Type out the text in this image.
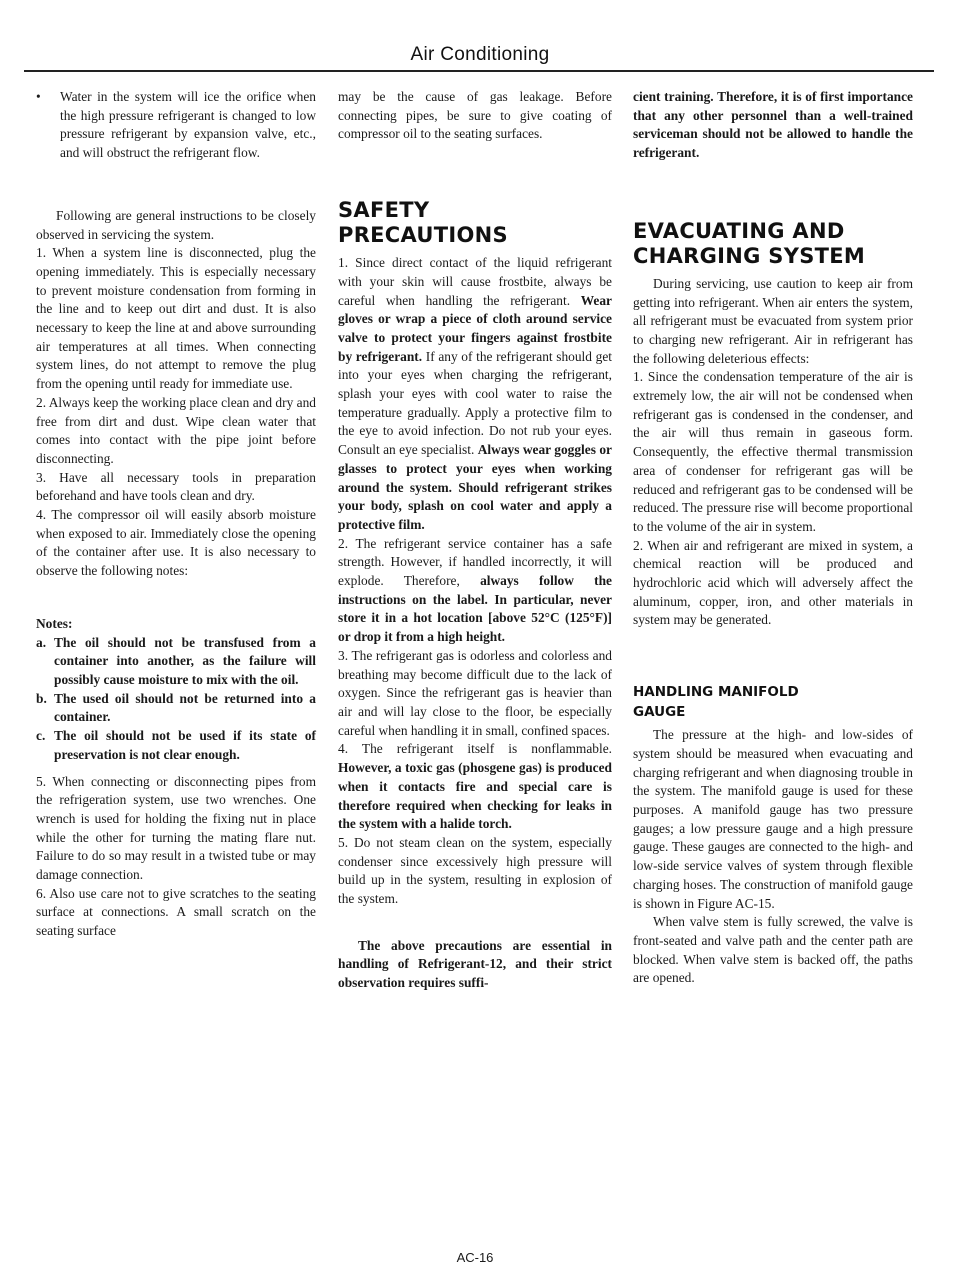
Air Conditioning
•	Water in the system will ice the orifice when the high pressure refrigerant is changed to low pressure refrigerant by expansion valve, etc., and will obstruct the refrigerant flow.

Following are general instructions to be closely observed in servicing the system.

1. When a system line is disconnected, plug the opening immediately. This is especially necessary to prevent moisture condensation from forming in the line and to keep out dirt and dust. It is also necessary to keep the line at and above surrounding air temperatures at all times. When connecting system lines, do not attempt to remove the plug from the opening until ready for immediate use.

2. Always keep the working place clean and dry and free from dirt and dust. Wipe clean water that comes into contact with the pipe joint before disconnecting.

3. Have all necessary tools in preparation beforehand and have tools clean and dry.

4. The compressor oil will easily absorb moisture when exposed to air. Immediately close the opening of the container after use. It is also necessary to observe the following notes:

Notes:

a. The oil should not be transfused from a container into another, as the failure will possibly cause moisture to mix with the oil.
b. The used oil should not be returned into a container.
c. The oil should not be used if its state of preservation is not clear enough.

5. When connecting or disconnecting pipes from the refrigeration system, use two wrenches. One wrench is used for holding the fixing nut in place while the other for turning the mating flare nut. Failure to do so may result in a twisted tube or may damage connection.

6. Also use care not to give scratches to the seating surface at connections. A small scratch on the seating surface

may be the cause of gas leakage. Before connecting pipes, be sure to give coating of compressor oil to the seating surfaces.

SAFETY

PRECAUTIONS

1. Since direct contact of the liquid refrigerant with your skin will cause frostbite, always be careful when handling the refrigerant. Wear gloves or wrap a piece of cloth around service valve to protect your fingers against frostbite by refrigerant. If any of the refrigerant should get into your eyes when charging the refrigerant, splash your eyes with cool water to raise the temperature gradually. Apply a protective film to the eye to avoid infection. Do not rub your eyes. Consult an eye specialist. Always wear goggles or glasses to protect your eyes when working around the system. Should refrigerant strikes your body, splash on cool water and apply a protective film.

2. The refrigerant service container has a safe strength. However, if handled incorrectly, it will explode. Therefore, always follow the instructions on the label. In particular, never store it in a hot location [above 52°C (125°F)] or drop it from a high height.

3. The refrigerant gas is odorless and colorless and breathing may become difficult due to the lack of oxygen. Since the refrigerant gas is heavier than air and will lay close to the floor, be especially careful when handling it in small, confined spaces.

4. The refrigerant itself is nonflammable. However, a toxic gas (phosgene gas) is produced when it contacts fire and special care is therefore required when checking for leaks in the system with a halide torch.

5. Do not steam clean on the system, especially condenser since excessively high pressure will build up in the system, resulting in explosion of the system.

The above precautions are essential in handling of Refrigerant-12, and their strict observation requires suffi-

cient training. Therefore, it is of first importance that any other personnel than a well-trained serviceman should not be allowed to handle the refrigerant.

EVACUATING AND

CHARGING SYSTEM

During servicing, use caution to keep air from getting into refrigerant. When air enters the system, all refrigerant must be evacuated from system prior to charging new refrigerant. Air in refrigerant has the following deleterious effects:

1. Since the condensation temperature of the air is extremely low, the air will not be condensed when refrigerant gas is condensed in the condenser, and the air will thus remain in gaseous form. Consequently, the effective thermal transmission area of condenser for refrigerant gas will be reduced and refrigerant gas to be condensed will be reduced. The pressure rise will become proportional to the volume of the air in system.

2. When air and refrigerant are mixed in system, a chemical reaction will be produced and hydrochloric acid which will adversely affect the aluminum, copper, iron, and other materials in system may be generated.

HANDLING MANIFOLD

GAUGE

The pressure at the high- and low-sides of system should be measured when evacuating and charging refrigerant and when diagnosing trouble in the system. The manifold gauge is used for these purposes. A manifold gauge has two pressure gauges; a low pressure gauge and a high pressure gauge. These gauges are connected to the high- and low-side service valves of system through flexible charging hoses. The construction of manifold gauge is shown in Figure AC-15.

When valve stem is fully screwed, the valve is front-seated and valve path and the center path are blocked. When valve stem is backed off, the paths are opened.

AC-16
